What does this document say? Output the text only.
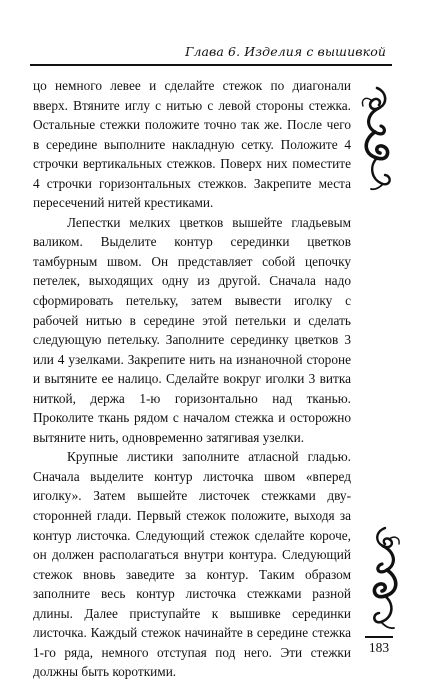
Глава 6. Изделия с вышивкой

цо немного левее и сделайте стежок по диагонали вверх. Втяните иглу с нитью с левой стороны стежка. Остальные стежки положите точно так же. После чего в середине выполните накладную сетку. Положите 4 строчки вертикальных стежков. Поверх них поместите 4 строчки горизонтальных стежков. Закрепите места пересечений нитей крестиками.

Лепестки мелких цветков вышейте гладьевым валиком. Выделите контур серединки цветков тамбурным швом. Он представляет собой цепочку петелек, выходящих одну из другой. Сначала надо сформировать петельку, затем вывести иголку с рабочей нитью в середине этой петельки и сделать следующую петельку. Заполните серединку цветков 3 или 4 узелками. Закрепите нить на изнаночной стороне и вытяните ее налицо. Сделайте вокруг иголки 3 витка ниткой, держа 1-ю горизонтально над тканью. Проколите ткань рядом с началом стежка и осторожно вытяните нить, одновременно затягивая узелки.

Крупные листики заполните атласной гладью. Сначала выделите контур листочка швом «вперед иголку». Затем вышейте листочек стежками двусторонней глади. Первый стежок положите, выходя за контур листочка. Следующий стежок сделайте короче, он должен располагаться внутри контура. Следующий стежок вновь заведите за контур. Таким образом заполните весь контур листочка стежками разной длины. Далее приступайте к вышивке серединки листочка. Каждый стежок начинайте в середине стежка 1-го ряда, немного отступая под него. Эти стежки должны быть короткими.

183
